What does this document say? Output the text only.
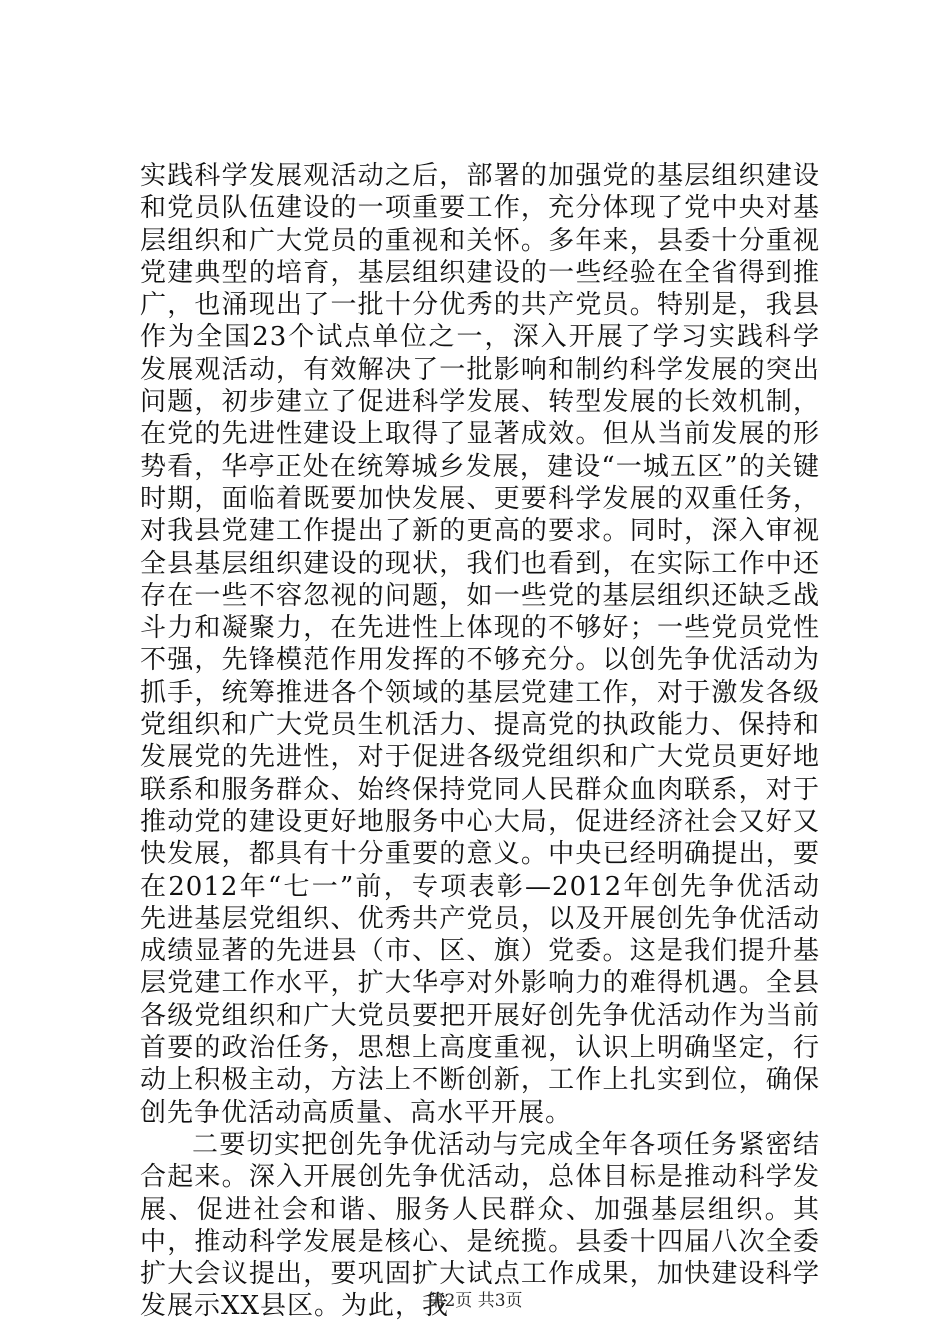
实践科学发展观活动之后，部署的加强党的基层组织建设和党员队伍建设的一项重要工作，充分体现了党中央对基层组织和广大党员的重视和关怀。多年来，县委十分重视党建典型的培育，基层组织建设的一些经验在全省得到推广，也涌现出了一批十分优秀的共产党员。特别是，我县作为全国23个试点单位之一，深入开展了学习实践科学发展观活动，有效解决了一批影响和制约科学发展的突出问题，初步建立了促进科学发展、转型发展的长效机制，在党的先进性建设上取得了显著成效。但从当前发展的形势看，华亭正处在统筹城乡发展，建设“一城五区”的关键时期，面临着既要加快发展、更要科学发展的双重任务，对我县党建工作提出了新的更高的要求。同时，深入审视全县基层组织建设的现状，我们也看到，在实际工作中还存在一些不容忽视的问题，如一些党的基层组织还缺乏战斗力和凝聚力，在先进性上体现的不够好；一些党员党性不强，先锋模范作用发挥的不够充分。以创先争优活动为抓手，统筹推进各个领域的基层党建工作，对于激发各级党组织和广大党员生机活力、提高党的执政能力、保持和发展党的先进性，对于促进各级党组织和广大党员更好地联系和服务群众、始终保持党同人民群众血肉联系，对于推动党的建设更好地服务中心大局，促进经济社会又好又快发展，都具有十分重要的意义。中央已经明确提出，要在2012年“七一”前，专项表彰—2012年创先争优活动先进基层党组织、优秀共产党员，以及开展创先争优活动成绩显著的先进县（市、区、旗）党委。这是我们提升基层党建工作水平，扩大华亭对外影响力的难得机遇。全县各级党组织和广大党员要把开展好创先争优活动作为当前首要的政治任务，思想上高度重视，认识上明确坚定，行动上积极主动，方法上不断创新，工作上扎实到位，确保创先争优活动高质量、高水平开展。

二要切实把创先争优活动与完成全年各项任务紧密结合起来。深入开展创先争优活动，总体目标是推动科学发展、促进社会和谐、服务人民群众、加强基层组织。其中，推动科学发展是核心、是统揽。县委十四届八次全委扩大会议提出，要巩固扩大试点工作成果，加快建设科学发展示XX县区。为此，我

第2页 共3页
